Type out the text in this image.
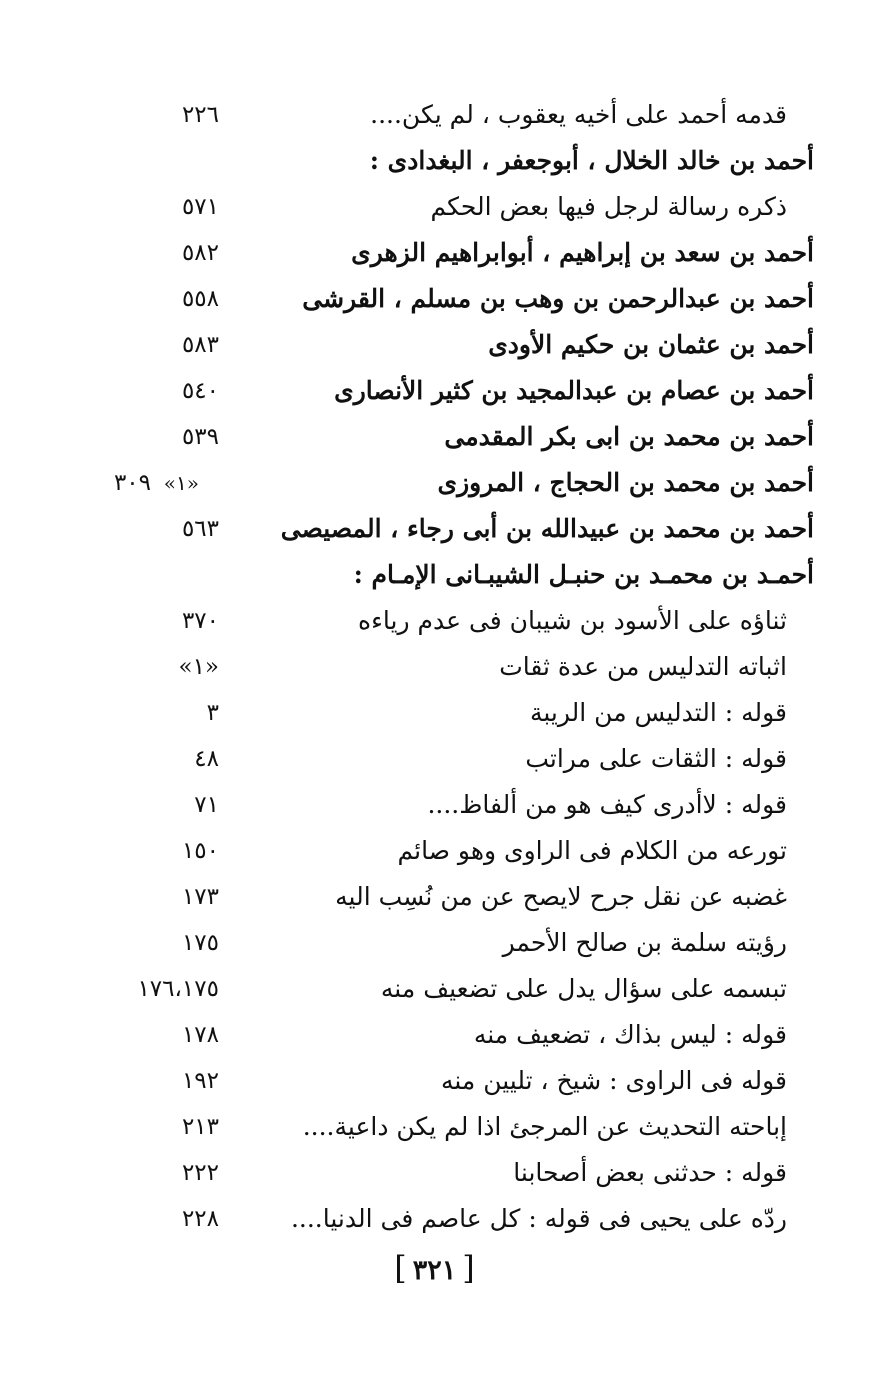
قدمه أحمد على أخيه يعقوب ، لم يكن....
٢٢٦
أحمد بن خالد الخلال ، أبوجعفر ، البغدادى :
ذكره رسالة لرجل فيها بعض الحكم
٥٧١
أحمد بن سعد بن إبراهيم ، أبوابراهيم الزهرى
٥٨٢
أحمد بن عبدالرحمن بن وهب بن مسلم ، القرشى
٥٥٨
أحمد بن عثمان بن حكيم الأودى
٥٨٣
أحمد بن عصام بن عبدالمجيد بن كثير الأنصارى
٥٤٠
أحمد بن محمد بن ابى بكر المقدمى
٥٣٩
أحمد بن محمد بن الحجاج ، المروزى
«١»
٣٠٩
أحمد بن محمد بن عبيدالله بن أبى رجاء ، المصيصى
٥٦٣
أحمـد بن محمـد بن حنبـل الشيبـانى الإمـام :
ثناؤه على الأسود بن شيبان فى عدم رياءه
٣٧٠
اثباته التدليس من عدة ثقات
«١»
قوله : التدليس من الريبة
٣
قوله : الثقات على مراتب
٤٨
قوله : لاأدرى كيف هو من ألفاظ....
٧١
تورعه من الكلام فى الراوى وهو صائم
١٥٠
غضبه عن نقل جرح لايصح عن من نُسِب اليه
١٧٣
رؤيته سلمة بن صالح الأحمر
١٧٥
تبسمه على سؤال يدل على تضعيف منه
١٧٦،١٧٥
قوله : ليس بذاك ، تضعيف منه
١٧٨
قوله فى الراوى : شيخ ، تليين منه
١٩٢
إباحته التحديث عن المرجئ اذا لم يكن داعية....
٢١٣
قوله : حدثنى بعض أصحابنا
٢٢٢
ردّه على يحيى فى قوله : كل عاصم فى الدنيا....
٢٢٨
[٣٢١]
